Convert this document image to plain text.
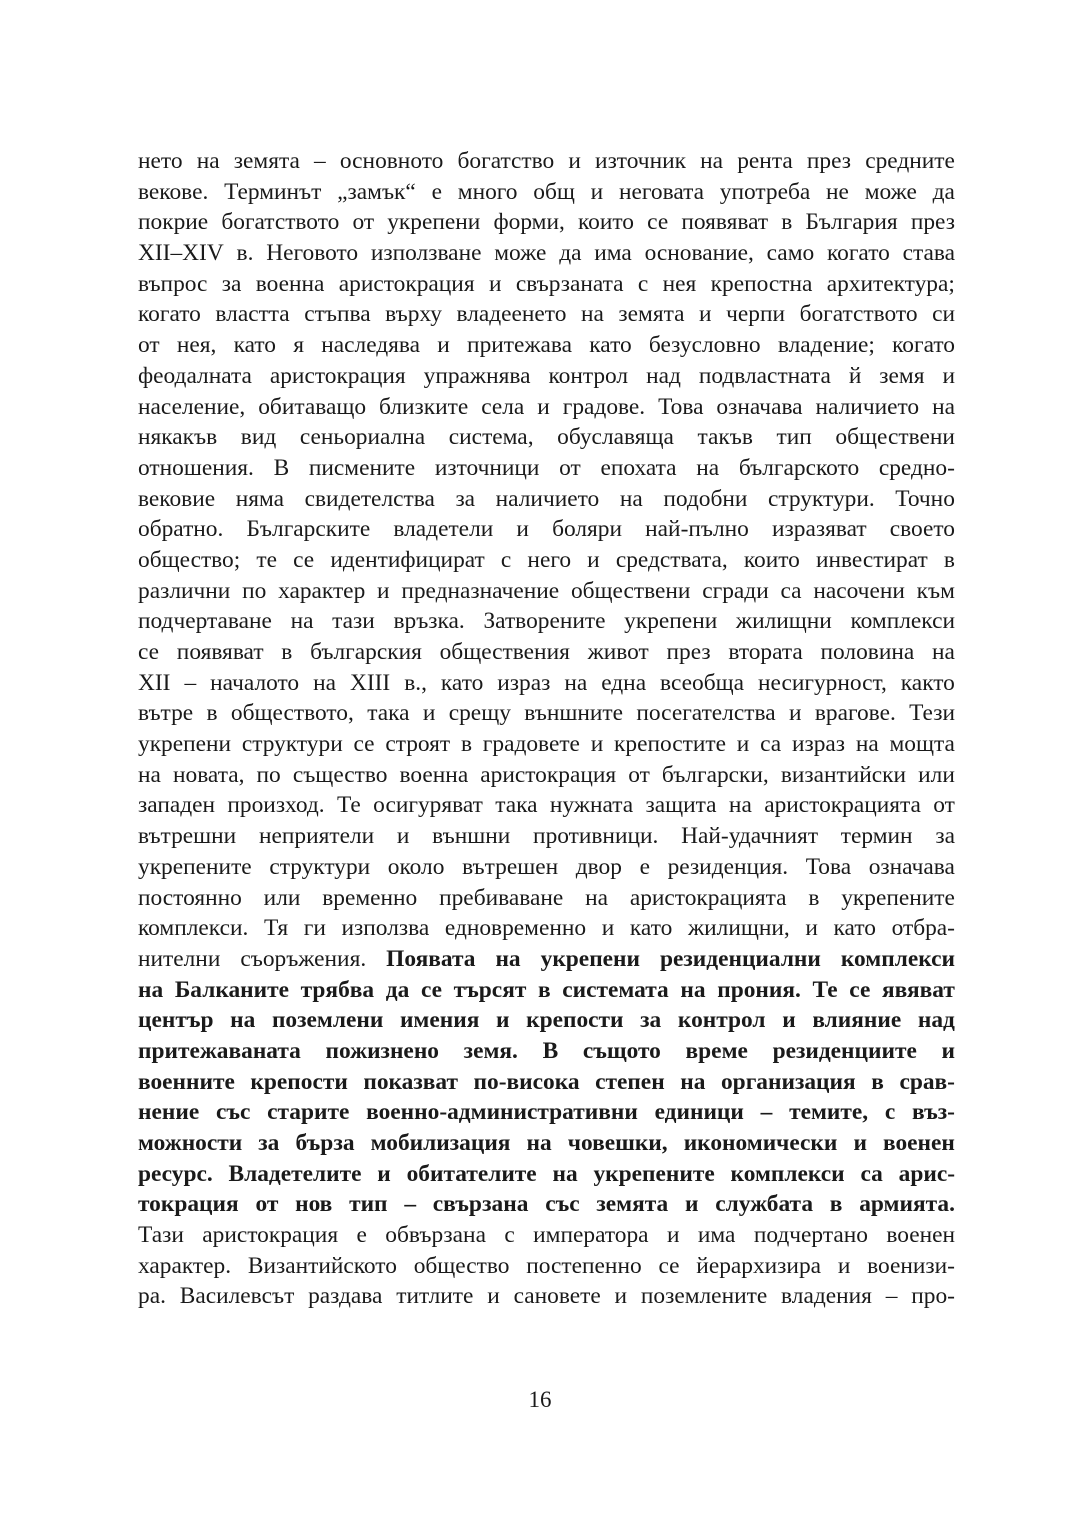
нето на земята – основното богатство и източник на рента през средните
векове. Терминът „замък“ е много общ и неговата употреба не може да
покрие богатството от укрепени форми, които се появяват в България през
XII–XIV в. Неговото използване може да има основание, само когато става
въпрос за военна аристокрация и свързаната с нея крепостна архитектура;
когато властта стъпва върху владеенето на земята и черпи богатството си
от нея, като я наследява и притежава като безусловно владение; когато
феодалната аристокрация упражнява контрол над подвластната й земя и
население, обитаващо близките села и градове. Това означава наличието на
някакъв вид сеньориална система, обуславяща такъв тип обществени
отношения. В писмените източници от епохата на българското средно-
вековие няма свидетелства за наличието на подобни структури. Точно
обратно. Българските владетели и боляри най-пълно изразяват своето
общество; те се идентифицират с него и средствата, които инвестират в
различни по характер и предназначение обществени сгради са насочени към
подчертаване на тази връзка. Затворените укрепени жилищни комплекси
се появяват в българския обществения живот през втората половина на
XII – началото на XIII в., като израз на една всеобща несигурност, както
вътре в обществото, така и срещу външните посегателства и врагове. Тези
укрепени структури се строят в градовете и крепостите и са израз на мощта
на новата, по същество военна аристокрация от български, византийски или
западен произход. Те осигуряват така нужната защита на аристокрацията от
вътрешни неприятели и външни противници. Най-удачният термин за
укрепените структури около вътрешен двор е резиденция. Това означава
постоянно или временно пребиваване на аристокрацията в укрепените
комплекси. Тя ги използва едновременно и като жилищни, и като отбра-
нителни съоръжения. Появата на укрепени резиденциални комплекси
на Балканите трябва да се търсят в системата на прония. Те се явяват
център на поземлени имения и крепости за контрол и влияние над
притежаваната пожизнено земя. В същото време резиденциите и
военните крепости показват по-висока степен на организация в срав-
нение със старите военно-административни единици – темите, с въз-
можности за бърза мобилизация на човешки, икономически и военен
ресурс. Владетелите и обитателите на укрепените комплекси са арис-
токрация от нов тип – свързана със земята и службата в армията.
Тази аристокрация е обвързана с императора и има подчертано военен
характер. Византийското общество постепенно се йерархизира и военизи-
ра. Василевсът раздава титлите и сановете и поземлените владения – про-
16
